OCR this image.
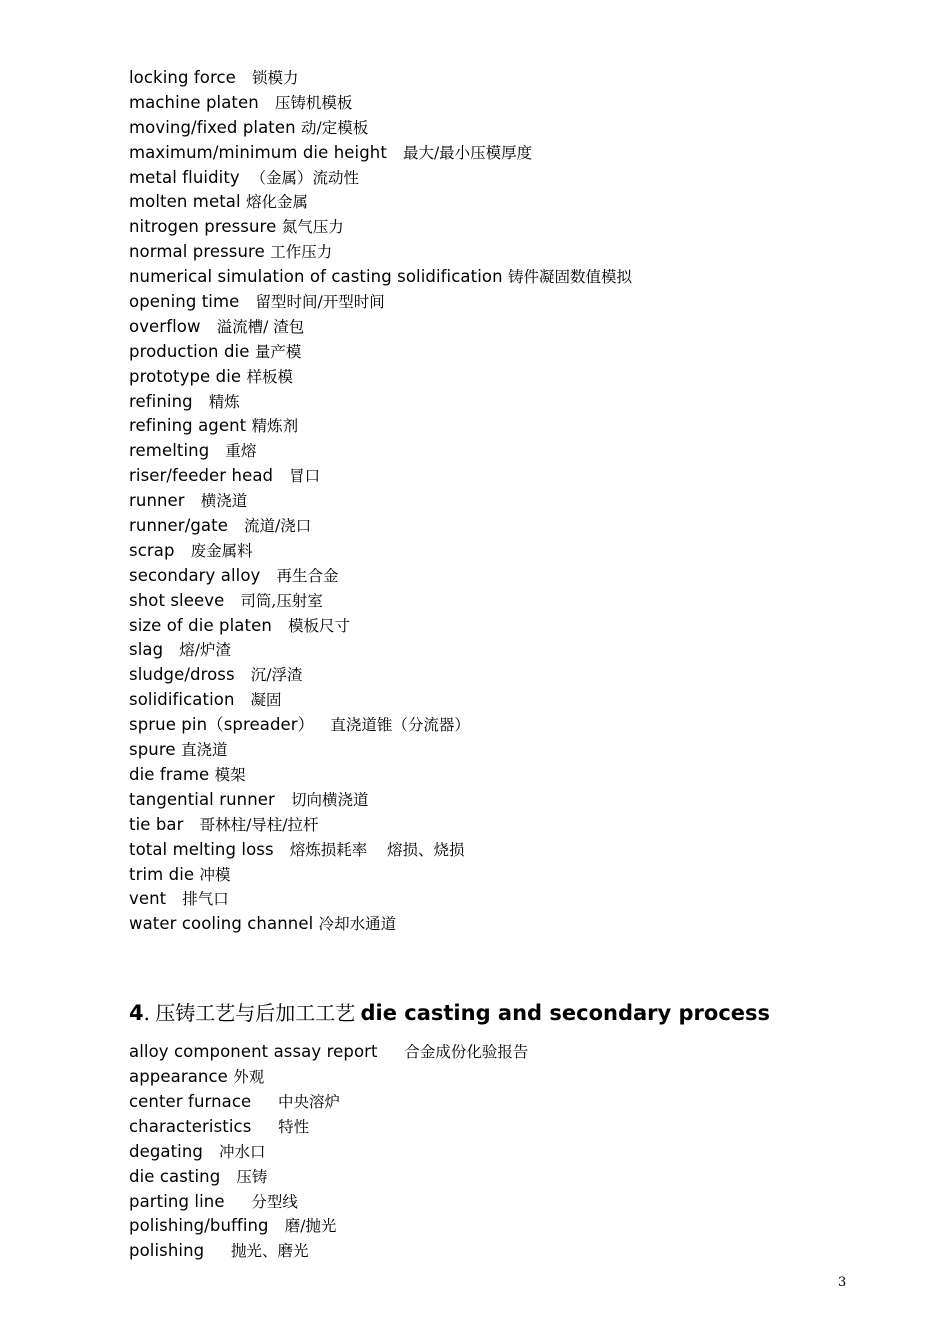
locking force 锁模力
machine platen 压铸机模板
moving/fixed platen 动/定模板
maximum/minimum die height 最大/最小压模厚度
metal fluidity （金属）流动性
molten metal 熔化金属
nitrogen pressure 氮气压力
normal pressure 工作压力
numerical simulation of casting solidification 铸件凝固数值模拟
opening time 留型时间/开型时间
overflow 溢流槽/ 渣包
production die 量产模
prototype die 样板模
refining 精炼
refining agent 精炼剂
remelting 重熔
riser/feeder head 冒口
runner 横浇道
runner/gate 流道/浇口
scrap 废金属料
secondary alloy 再生合金
shot sleeve 司筒,压射室
size of die platen 模板尺寸
slag 熔/炉渣
sludge/dross 沉/浮渣
solidification 凝固
sprue pin（spreader） 直浇道锥（分流器）
spure 直浇道
die frame 模架
tangential runner 切向横浇道
tie bar 哥林柱/导柱/拉杆
total melting loss 熔炼损耗率    熔损、烧损
trim die 冲模
vent 排气口
water cooling channel 冷却水通道
4. 压铸工艺与后加工工艺 die casting and secondary process
alloy component assay report 合金成份化验报告
appearance 外观
center furnace 中央溶炉
characteristics 特性
degating 冲水口
die casting 压铸
parting line 分型线
polishing/buffing 磨/抛光
polishing 抛光、磨光
3
